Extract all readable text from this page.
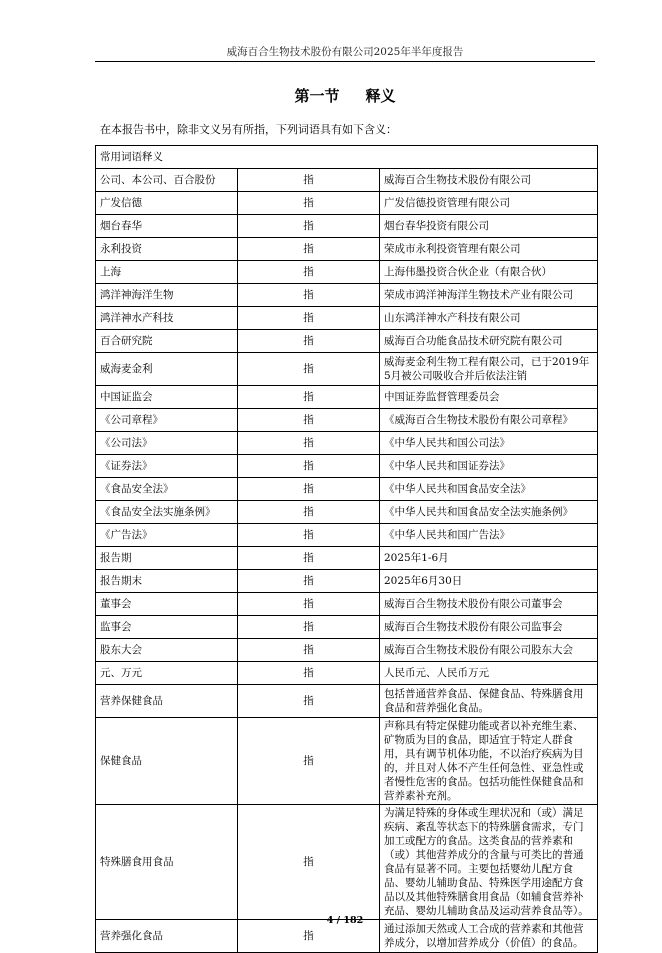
威海百合生物技术股份有限公司2025年半年度报告
第一节 释义
在本报告书中，除非文义另有所指，下列词语具有如下含义：
常用词语释义		
公司、本公司、百合股份	指	威海百合生物技术股份有限公司
广发信德	指	广发信德投资管理有限公司
烟台春华	指	烟台春华投资有限公司
永利投资	指	荣成市永利投资管理有限公司
上海	指	上海伟墨投资合伙企业（有限合伙）
鸿洋神海洋生物	指	荣成市鸿洋神海洋生物技术产业有限公司
鸿洋神水产科技	指	山东鸿洋神水产科技有限公司
百合研究院	指	威海百合功能食品技术研究院有限公司
威海麦金利	指	威海麦金利生物工程有限公司，已于2019年5月被公司吸收合并后依法注销
中国证监会	指	中国证券监督管理委员会
《公司章程》	指	《威海百合生物技术股份有限公司章程》
《公司法》	指	《中华人民共和国公司法》
《证券法》	指	《中华人民共和国证券法》
《食品安全法》	指	《中华人民共和国食品安全法》
《食品安全法实施条例》	指	《中华人民共和国食品安全法实施条例》
《广告法》	指	《中华人民共和国广告法》
报告期	指	2025年1-6月
报告期末	指	2025年6月30日
董事会	指	威海百合生物技术股份有限公司董事会
监事会	指	威海百合生物技术股份有限公司监事会
股东大会	指	威海百合生物技术股份有限公司股东大会
元、万元	指	人民币元、人民币万元
营养保健食品	指	包括普通营养食品、保健食品、特殊膳食用食品和营养强化食品。
保健食品	指	声称具有特定保健功能或者以补充维生素、矿物质为目的食品，即适宜于特定人群食用，具有调节机体功能，不以治疗疾病为目的，并且对人体不产生任何急性、亚急性或者慢性危害的食品。包括功能性保健食品和营养素补充剂。
特殊膳食用食品	指	为满足特殊的身体或生理状况和（或）满足疾病、紊乱等状态下的特殊膳食需求，专门加工或配方的食品。这类食品的营养素和（或）其他营养成分的含量与可类比的普通食品有显著不同。主要包括婴幼儿配方食品、婴幼儿辅助食品、特殊医学用途配方食品以及其他特殊膳食用食品（如辅食营养补充品、婴幼儿辅助食品及运动营养食品等）。
营养强化食品	指	通过添加天然或人工合成的营养素和其他营养成分，以增加营养成分（价值）的食品。
4 / 182
